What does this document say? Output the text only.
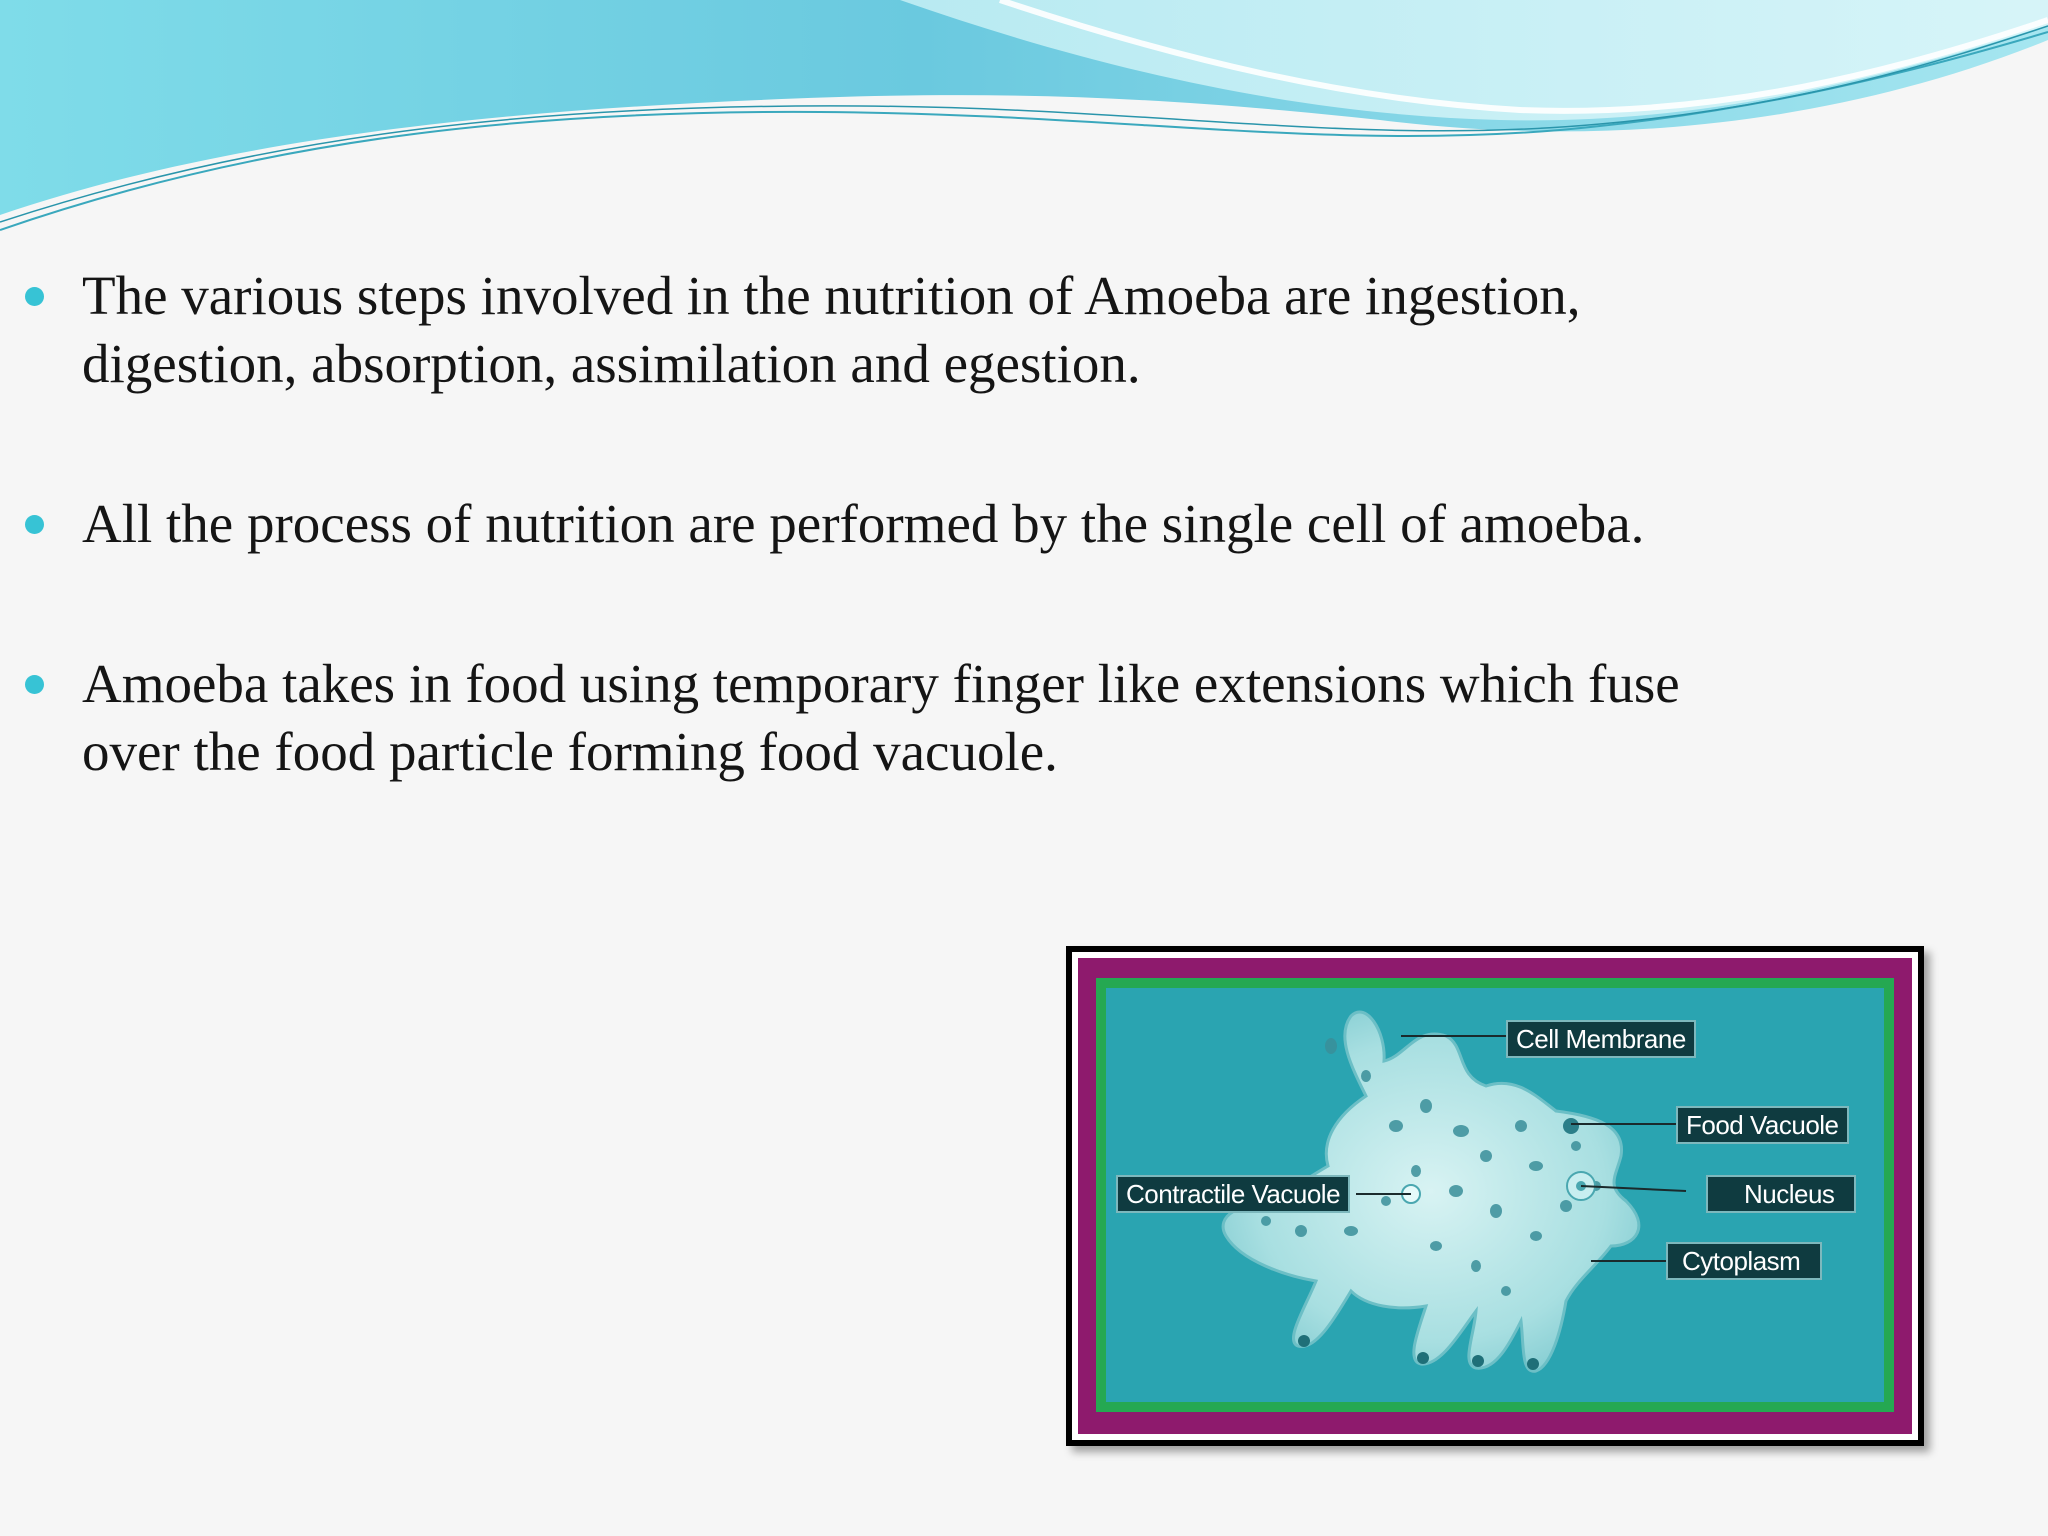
The various steps involved in the nutrition of Amoeba are ingestion, digestion, absorption, assimilation and egestion.
All the process of nutrition are performed by the single cell of amoeba.
Amoeba takes in food using temporary finger like extensions which fuse over the food particle forming food vacuole.
Cell Membrane
Food Vacuole
Contractile Vacuole	Nucleus
Cytoplasm
